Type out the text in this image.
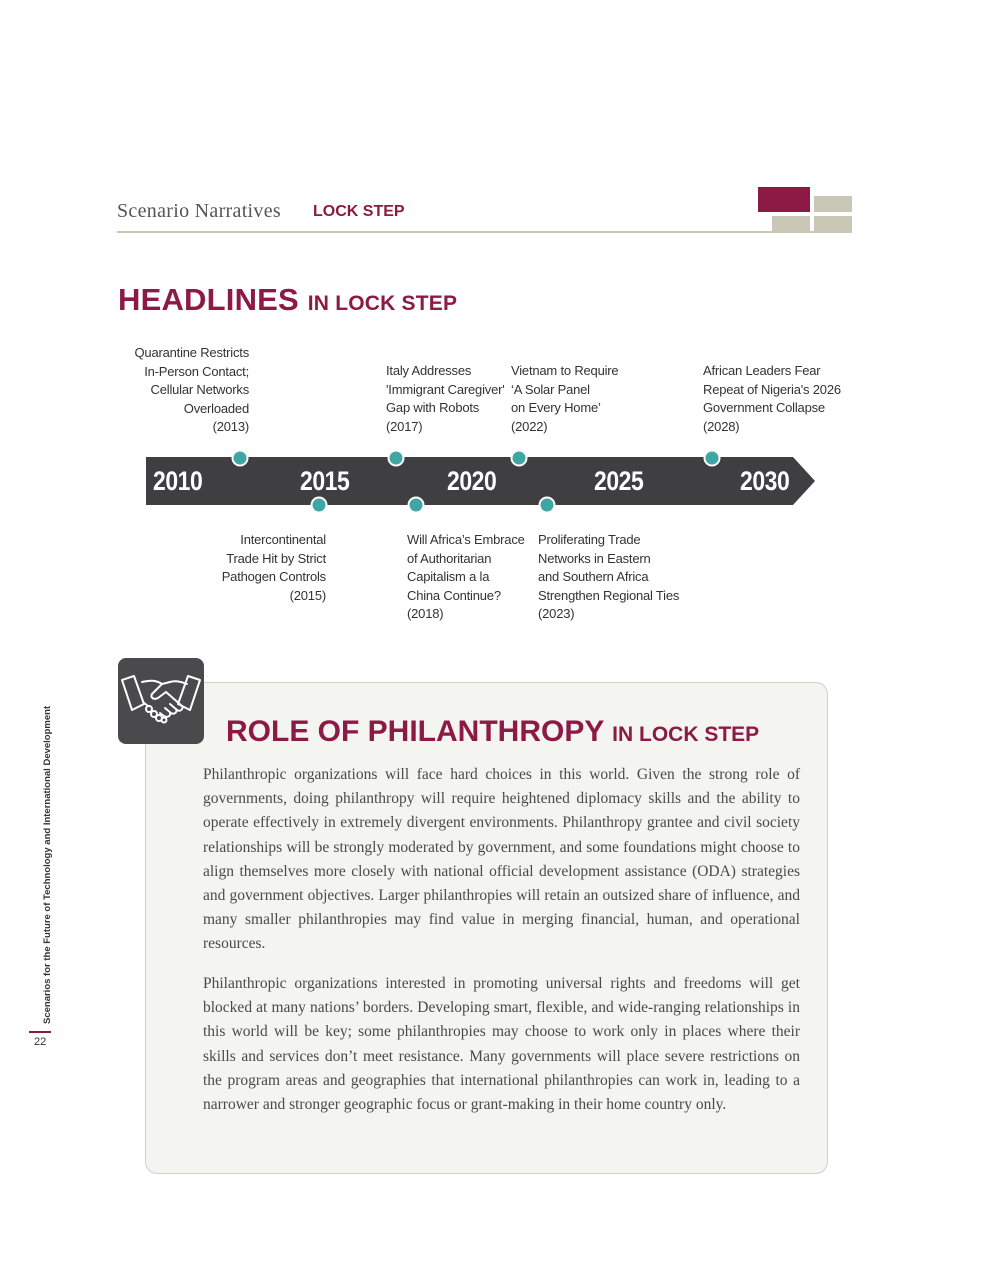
Scenario Narratives LOCK STEP
HEADLINES IN LOCK STEP
2010	2015	2020	2025	2030
Quarantine Restricts
In-Person Contact;
Cellular Networks
Overloaded
(2013)
Italy Addresses
'Immigrant Caregiver'
Gap with Robots
(2017)
Vietnam to Require
‘A Solar Panel
on Every Home’
(2022)
African Leaders Fear
Repeat of Nigeria's 2026
Government Collapse
(2028)
Intercontinental
Trade Hit by Strict
Pathogen Controls
(2015)
Will Africa’s Embrace
of Authoritarian
Capitalism a la
China Continue?
(2018)
Proliferating Trade
Networks in Eastern
and Southern Africa
Strengthen Regional Ties
(2023)
ROLE OF PHILANTHROPY IN LOCK STEP
Philanthropic organizations will face hard choices in this world. Given the strong role of governments, doing philanthropy will require heightened diplomacy skills and the ability to operate effectively in extremely divergent environments. Philanthropy grantee and civil society relationships will be strongly moderated by government, and some foundations might choose to align themselves more closely with national official development assistance (ODA) strategies and government objectives. Larger philanthropies will retain an outsized share of influence, and many smaller philanthropies may find value in merging financial, human, and operational resources.
Philanthropic organizations interested in promoting universal rights and freedoms will get blocked at many nations’ borders. Developing smart, flexible, and wide-ranging relationships in this world will be key; some philanthropies may choose to work only in places where their skills and services don’t meet resistance. Many governments will place severe restrictions on the program areas and geographies that international philanthropies can work in, leading to a narrower and stronger geographic focus or grant-making in their home country only.
Scenarios for the Future of Technology and International Development
22
